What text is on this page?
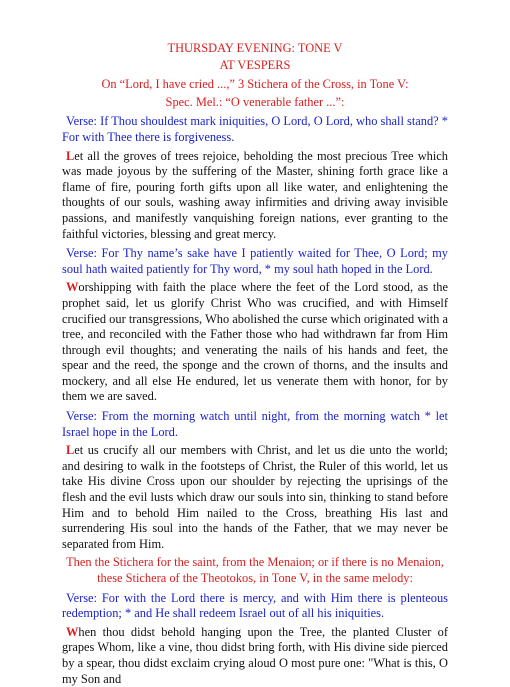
THURSDAY EVENING: TONE V

AT VESPERS

On “Lord, I have cried ...,” 3 Stichera of the Cross, in Tone V:

Spec. Mel.: “O venerable father ...”:

Verse: If Thou shouldest mark iniquities, O Lord, O Lord, who shall stand? * For with Thee there is forgiveness.

Let all the groves of trees rejoice, beholding the most precious Tree which was made joyous by the suffering of the Master, shining forth grace like a flame of fire, pouring forth gifts upon all like water, and enlightening the thoughts of our souls, washing away infirmities and driving away invisible passions, and manifestly vanquishing foreign nations, ever granting to the faithful victories, blessing and great mercy.

Verse: For Thy name’s sake have I patiently waited for Thee, O Lord; my soul hath waited patiently for Thy word, * my soul hath hoped in the Lord.

Worshipping with faith the place where the feet of the Lord stood, as the prophet said, let us glorify Christ Who was crucified, and with Himself crucified our transgressions, Who abolished the curse which originated with a tree, and reconciled with the Father those who had withdrawn far from Him through evil thoughts; and venerating the nails of his hands and feet, the spear and the reed, the sponge and the crown of thorns, and the insults and mockery, and all else He endured, let us venerate them with honor, for by them we are saved.

Verse: From the morning watch until night, from the morning watch * let Israel hope in the Lord.

Let us crucify all our members with Christ, and let us die unto the world; and desiring to walk in the footsteps of Christ, the Ruler of this world, let us take His divine Cross upon our shoulder by rejecting the uprisings of the flesh and the evil lusts which draw our souls into sin, thinking to stand before Him and to behold Him nailed to the Cross, breathing His last and surrendering His soul into the hands of the Father, that we may never be separated from Him.

Then the Stichera for the saint, from the Menaion; or if there is no Menaion, these Stichera of the Theotokos, in Tone V, in the same melody:

Verse: For with the Lord there is mercy, and with Him there is plenteous redemption; * and He shall redeem Israel out of all his iniquities.

When thou didst behold hanging upon the Tree, the planted Cluster of grapes Whom, like a vine, thou didst bring forth, with His divine side pierced by a spear, thou didst exclaim crying aloud O most pure one: "What is this, O my Son and
